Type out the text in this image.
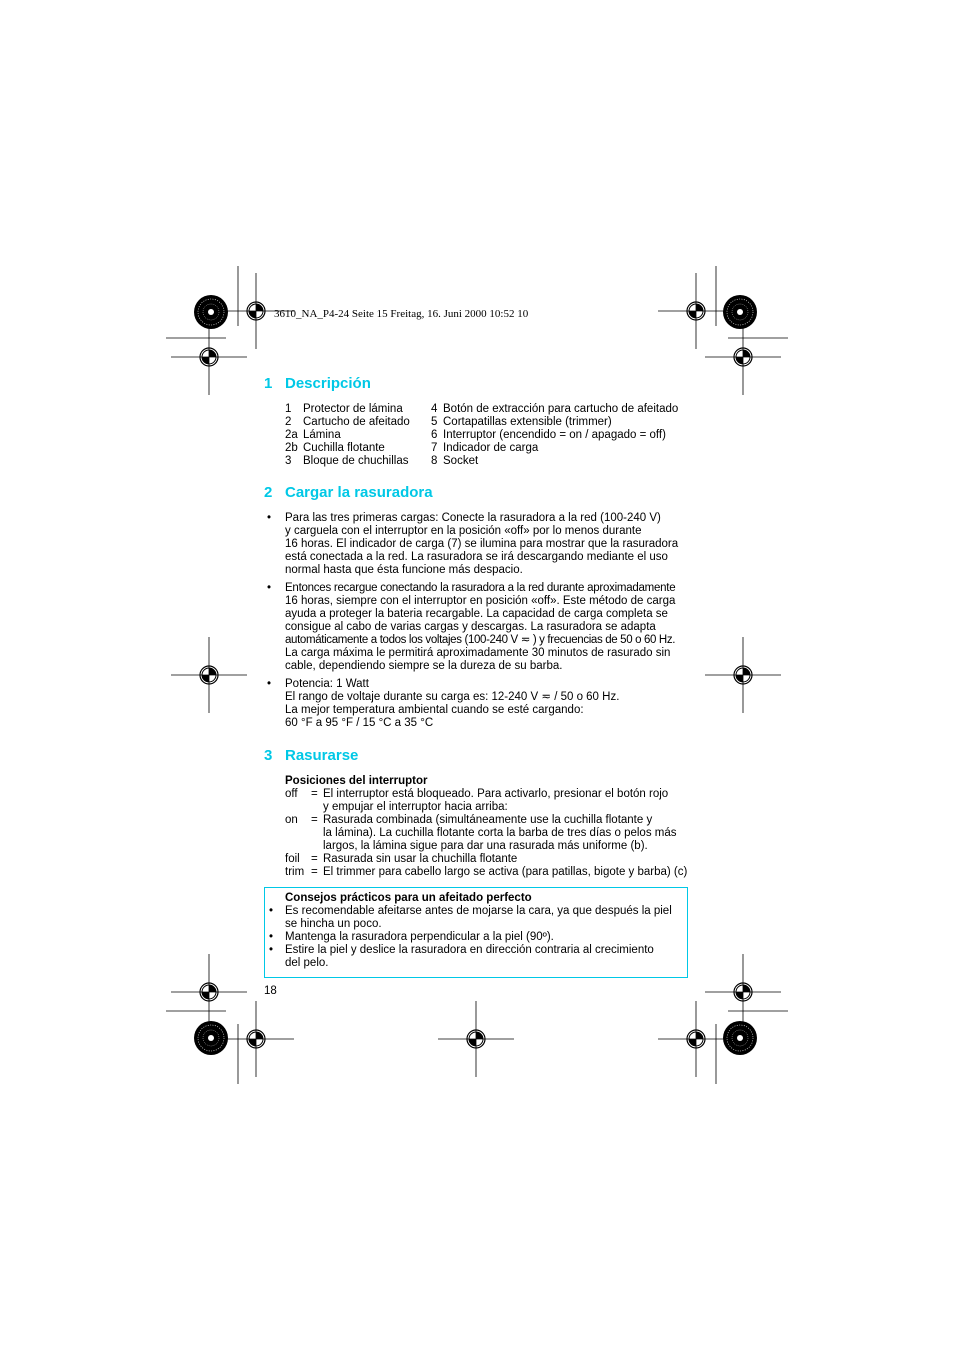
3610_NA_P4-24 Seite 15 Freitag, 16. Juni 2000 10:52 10
1 Descripción
1 Protector de lámina
2 Cartucho de afeitado
2a Lámina
2b Cuchilla flotante
3 Bloque de chuchillas
4 Botón de extracción para cartucho de afeitado
5 Cortapatillas extensible (trimmer)
6 Interruptor (encendido = on / apagado = off)
7 Indicador de carga
8 Socket
2 Cargar la rasuradora
• Para las tres primeras cargas: Conecte la rasuradora a la red (100-240 V)
y carguela con el interruptor en la posición «off» por lo menos durante
16 horas. El indicador de carga (7) se ilumina para mostrar que la rasuradora
está conectada a la red. La rasuradora se irá descargando mediante el uso
normal hasta que ésta funcione más despacio.
• Entonces recargue conectando la rasuradora a la red durante aproximadamente
16 horas, siempre con el interruptor en posición «off». Este método de carga
ayuda a proteger la bateria recargable. La capacidad de carga completa se
consigue al cabo de varias cargas y descargas. La rasuradora se adapta
automáticamente a todos los voltajes (100-240 V ≂ ) y frecuencias de 50 o 60 Hz.
La carga máxima le permitirá aproximadamente 30 minutos de rasurado sin
cable, dependiendo siempre se la dureza de su barba.
• Potencia: 1 Watt
El rango de voltaje durante su carga es: 12-240 V ≂ / 50 o 60 Hz.
La mejor temperatura ambiental cuando se esté cargando:
60 °F a 95 °F / 15 °C a 35 °C
3 Rasurarse
Posiciones del interruptor
off	= El interruptor está bloqueado. Para activarlo, presionar el botón rojo
y empujar el interruptor hacia arriba:
on	= Rasurada combinada (simultáneamente use la cuchilla flotante y
la lámina). La cuchilla flotante corta la barba de tres días o pelos más
largos, la lámina sigue para dar una rasurada más uniforme (b).
foil = Rasurada sin usar la chuchilla flotante
trim = El trimmer para cabello largo se activa (para patillas, bigote y barba) (c)
Consejos prácticos para un afeitado perfecto
• Es recomendable afeitarse antes de mojarse la cara, ya que después la piel
se hincha un poco.
• Mantenga la rasuradora perpendicular a la piel (90º).
• Estire la piel y deslice la rasuradora en dirección contraria al crecimiento
del pelo.
18
